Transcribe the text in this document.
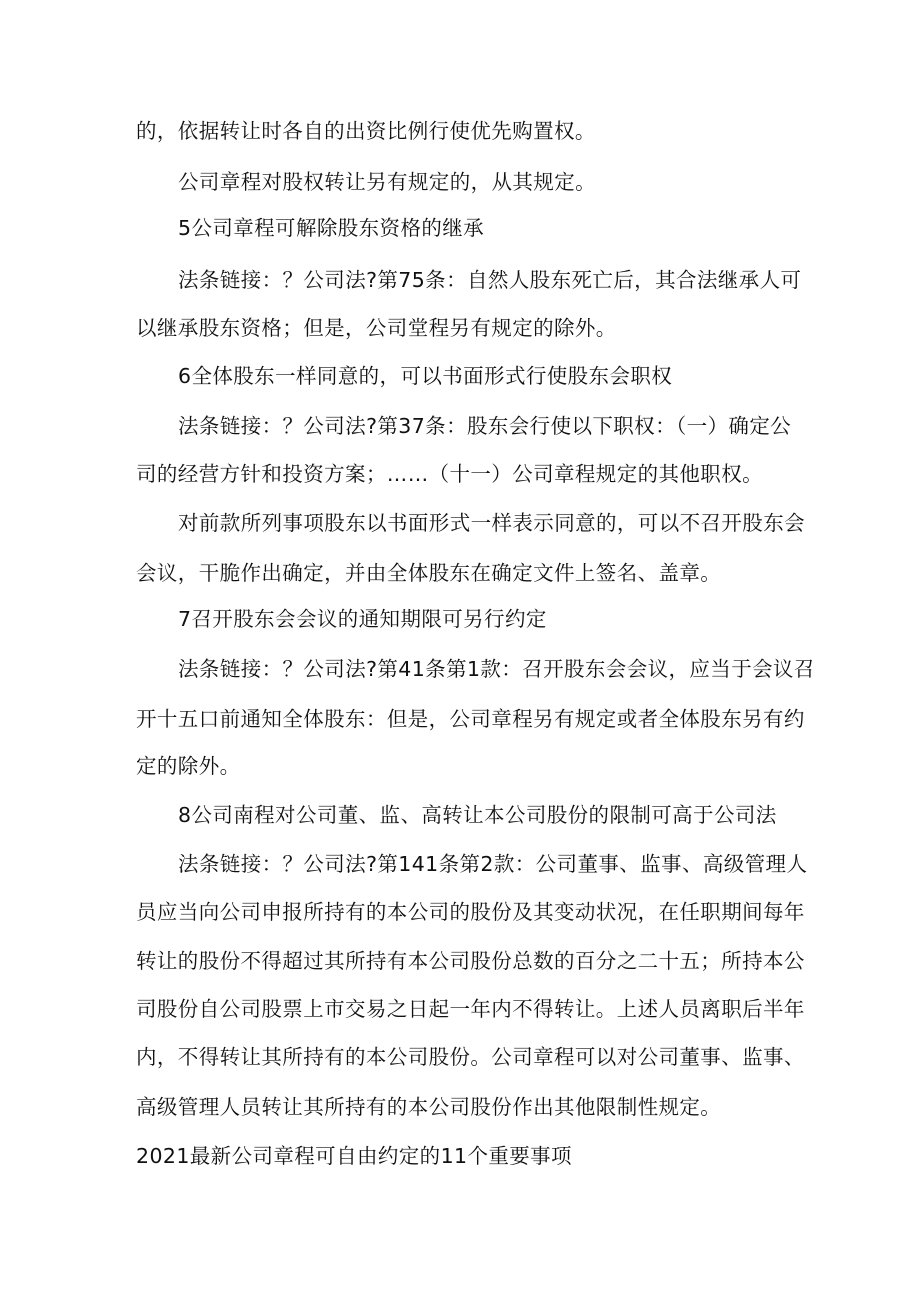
的，依据转让时各自的出资比例行使优先购置权。
公司章程对股权转让另有规定的，从其规定。
5公司章程可解除股东资格的继承
法条链接：？公司法?第75条：自然人股东死亡后，其合法继承人可
以继承股东资格；但是，公司堂程另有规定的除外。
6全体股东一样同意的，可以书面形式行使股东会职权
法条链接：？公司法?第37条：股东会行使以下职权：（一）确定公
司的经营方针和投资方案；……（十一）公司章程规定的其他职权。
对前款所列事项股东以书面形式一样表示同意的，可以不召开股东会
会议，干脆作出确定，并由全体股东在确定文件上签名、盖章。
7召开股东会会议的通知期限可另行约定
法条链接：？公司法?第41条第1款：召开股东会会议，应当于会议召
开十五口前通知全体股东：但是，公司章程另有规定或者全体股东另有约
定的除外。
8公司南程对公司董、监、高转让本公司股份的限制可高于公司法
法条链接：？公司法?第141条第2款：公司董事、监事、高级管理人
员应当向公司申报所持有的本公司的股份及其变动状况，在任职期间每年
转让的股份不得超过其所持有本公司股份总数的百分之二十五；所持本公
司股份自公司股票上市交易之日起一年内不得转让。上述人员离职后半年
内，不得转让其所持有的本公司股份。公司章程可以对公司董事、监事、
高级管理人员转让其所持有的本公司股份作出其他限制性规定。
2021最新公司章程可自由约定的11个重要事项
